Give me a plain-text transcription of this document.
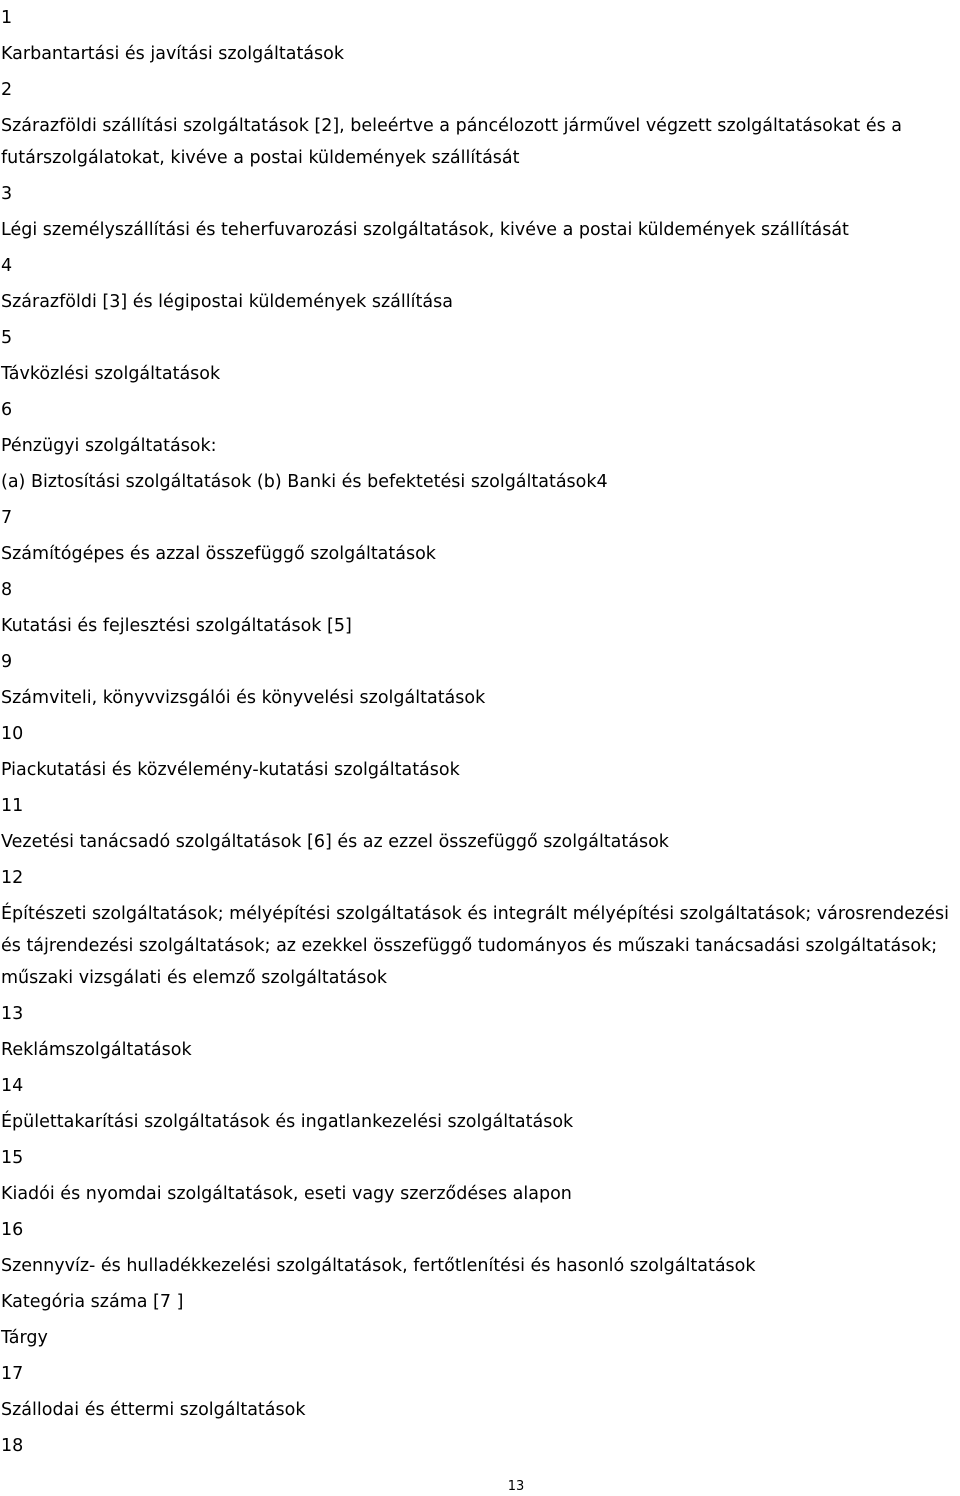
1
Karbantartási és javítási szolgáltatások
2
Szárazföldi szállítási szolgáltatások [2], beleértve a páncélozott járművel végzett szolgáltatásokat és a futárszolgálatokat, kivéve a postai küldemények szállítását
3
Légi személyszállítási és teherfuvarozási szolgáltatások, kivéve a postai küldemények szállítását
4
Szárazföldi [3] és légipostai küldemények szállítása
5
Távközlési szolgáltatások
6
Pénzügyi szolgáltatások:
(a) Biztosítási szolgáltatások (b) Banki és befektetési szolgáltatások4
7
Számítógépes és azzal összefüggő szolgáltatások
8
Kutatási és fejlesztési szolgáltatások [5]
9
Számviteli, könyvvizsgálói és könyvelési szolgáltatások
10
Piackutatási és közvélemény-kutatási szolgáltatások
11
Vezetési tanácsadó szolgáltatások [6] és az ezzel összefüggő szolgáltatások
12
Építészeti szolgáltatások; mélyépítési szolgáltatások és integrált mélyépítési szolgáltatások; városrendezési és tájrendezési szolgáltatások; az ezekkel összefüggő tudományos és műszaki tanácsadási szolgáltatások; műszaki vizsgálati és elemző szolgáltatások
13
Reklámszolgáltatások
14
Épülettakarítási szolgáltatások és ingatlankezelési szolgáltatások
15
Kiadói és nyomdai szolgáltatások, eseti vagy szerződéses alapon
16
Szennyvíz- és hulladékkezelési szolgáltatások, fertőtlenítési és hasonló szolgáltatások
Kategória száma [7 ]
Tárgy
17
Szállodai és éttermi szolgáltatások
18
13
